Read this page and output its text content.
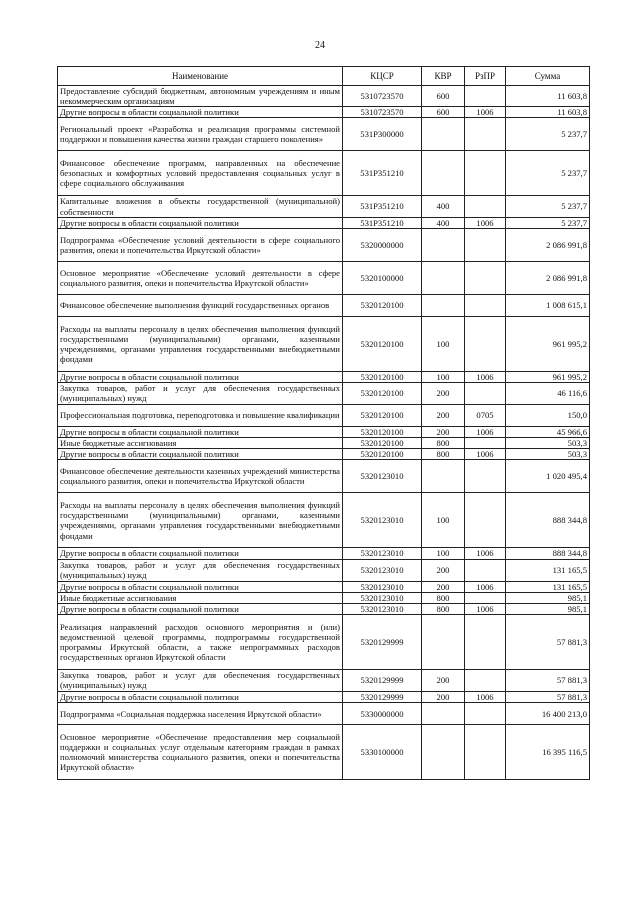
24
Наименование	КЦСР	КВР	РзПР	Сумма
Предоставление субсидий бюджетным, автономным учреждениям и иным некоммерческим организациям	5310723570	600		11 603,8
Другие вопросы в области социальной политики	5310723570	600	1006	11 603,8
Региональный проект «Разработка и реализация программы системной поддержки и повышения качества жизни граждан старшего поколения»	531P300000			5 237,7
Финансовое обеспечение программ, направленных на обеспечение безопасных и комфортных условий предоставления социальных услуг в сфере социального обслуживания	531P351210			5 237,7
Капитальные вложения в объекты государственной (муниципальной) собственности	531P351210	400		5 237,7
Другие вопросы в области социальной политики	531P351210	400	1006	5 237,7
Подпрограмма «Обеспечение условий деятельности в сфере социального развития, опеки и попечительства Иркутской области»	5320000000			2 086 991,8
Основное мероприятие «Обеспечение условий деятельности в сфере социального развития, опеки и попечительства Иркутской области»	5320100000			2 086 991,8
Финансовое обеспечение выполнения функций государственных органов	5320120100			1 008 615,1
Расходы на выплаты персоналу в целях обеспечения выполнения функций государственными (муниципальными) органами, казенными учреждениями, органами управления государственными внебюджетными фондами	5320120100	100		961 995,2
Другие вопросы в области социальной политики	5320120100	100	1006	961 995,2
Закупка товаров, работ и услуг для обеспечения государственных (муниципальных) нужд	5320120100	200		46 116,6
Профессиональная подготовка, переподготовка и повышение квалификации	5320120100	200	0705	150,0
Другие вопросы в области социальной политики	5320120100	200	1006	45 966,6
Иные бюджетные ассигнования	5320120100	800		503,3
Другие вопросы в области социальной политики	5320120100	800	1006	503,3
Финансовое обеспечение деятельности казенных учреждений министерства социального развития, опеки и попечительства Иркутской области	5320123010			1 020 495,4
Расходы на выплаты персоналу в целях обеспечения выполнения функций государственными (муниципальными) органами, казенными учреждениями, органами управления государственными внебюджетными фондами	5320123010	100		888 344,8
Другие вопросы в области социальной политики	5320123010	100	1006	888 344,8
Закупка товаров, работ и услуг для обеспечения государственных (муниципальных) нужд	5320123010	200		131 165,5
Другие вопросы в области социальной политики	5320123010	200	1006	131 165,5
Иные бюджетные ассигнования	5320123010	800		985,1
Другие вопросы в области социальной политики	5320123010	800	1006	985,1
Реализация направлений расходов основного мероприятия и (или) ведомственной целевой программы, подпрограммы государственной программы Иркутской области, а также непрограммных расходов государственных органов Иркутской области	5320129999			57 881,3
Закупка товаров, работ и услуг для обеспечения государственных (муниципальных) нужд	5320129999	200		57 881,3
Другие вопросы в области социальной политики	5320129999	200	1006	57 881,3
Подпрограмма «Социальная поддержка населения Иркутской области»	5330000000			16 400 213,0
Основное мероприятие «Обеспечение предоставления мер социальной поддержки и социальных услуг отдельным категориям граждан в рамках полномочий министерства социального развития, опеки и попечительства Иркутской области»	5330100000			16 395 116,5
